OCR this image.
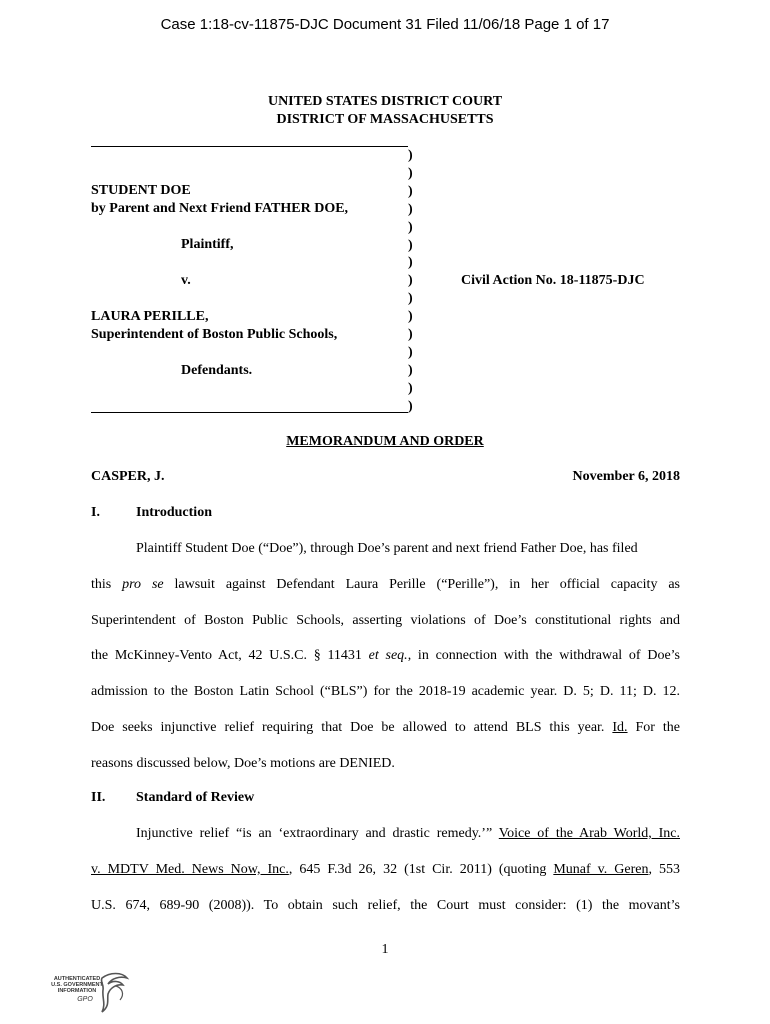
Case 1:18-cv-11875-DJC Document 31 Filed 11/06/18 Page 1 of 17
UNITED STATES DISTRICT COURT
DISTRICT OF MASSACHUSETTS
)
)
)
)
)
)
)
)
)
)
)
)
)
)
)
STUDENT DOE
by Parent and Next Friend FATHER DOE,
Plaintiff,
v.	Civil Action No. 18-11875-DJC
LAURA PERILLE,
Superintendent of Boston Public Schools,
Defendants.
MEMORANDUM AND ORDER
CASPER, J.	November 6, 2018
I.	Introduction
Plaintiff Student Doe (“Doe”), through Doe’s parent and next friend Father Doe, has filed
this pro se lawsuit against Defendant Laura Perille (“Perille”), in her official capacity as
Superintendent of Boston Public Schools, asserting violations of Doe’s constitutional rights and
the McKinney-Vento Act, 42 U.S.C. § 11431 et seq., in connection with the withdrawal of Doe’s
admission to the Boston Latin School (“BLS”) for the 2018-19 academic year. D. 5; D. 11; D. 12.
Doe seeks injunctive relief requiring that Doe be allowed to attend BLS this year. Id. For the
reasons discussed below, Doe’s motions are DENIED.
II. Standard of Review
Injunctive relief “is an ‘extraordinary and drastic remedy.’” Voice of the Arab World, Inc.
v. MDTV Med. News Now, Inc., 645 F.3d 26, 32 (1st Cir. 2011) (quoting Munaf v. Geren, 553
U.S. 674, 689-90 (2008)). To obtain such relief, the Court must consider: (1) the movant’s
1
AUTHENTICATED
U.S. GOVERNMENT
INFORMATION
GPO
